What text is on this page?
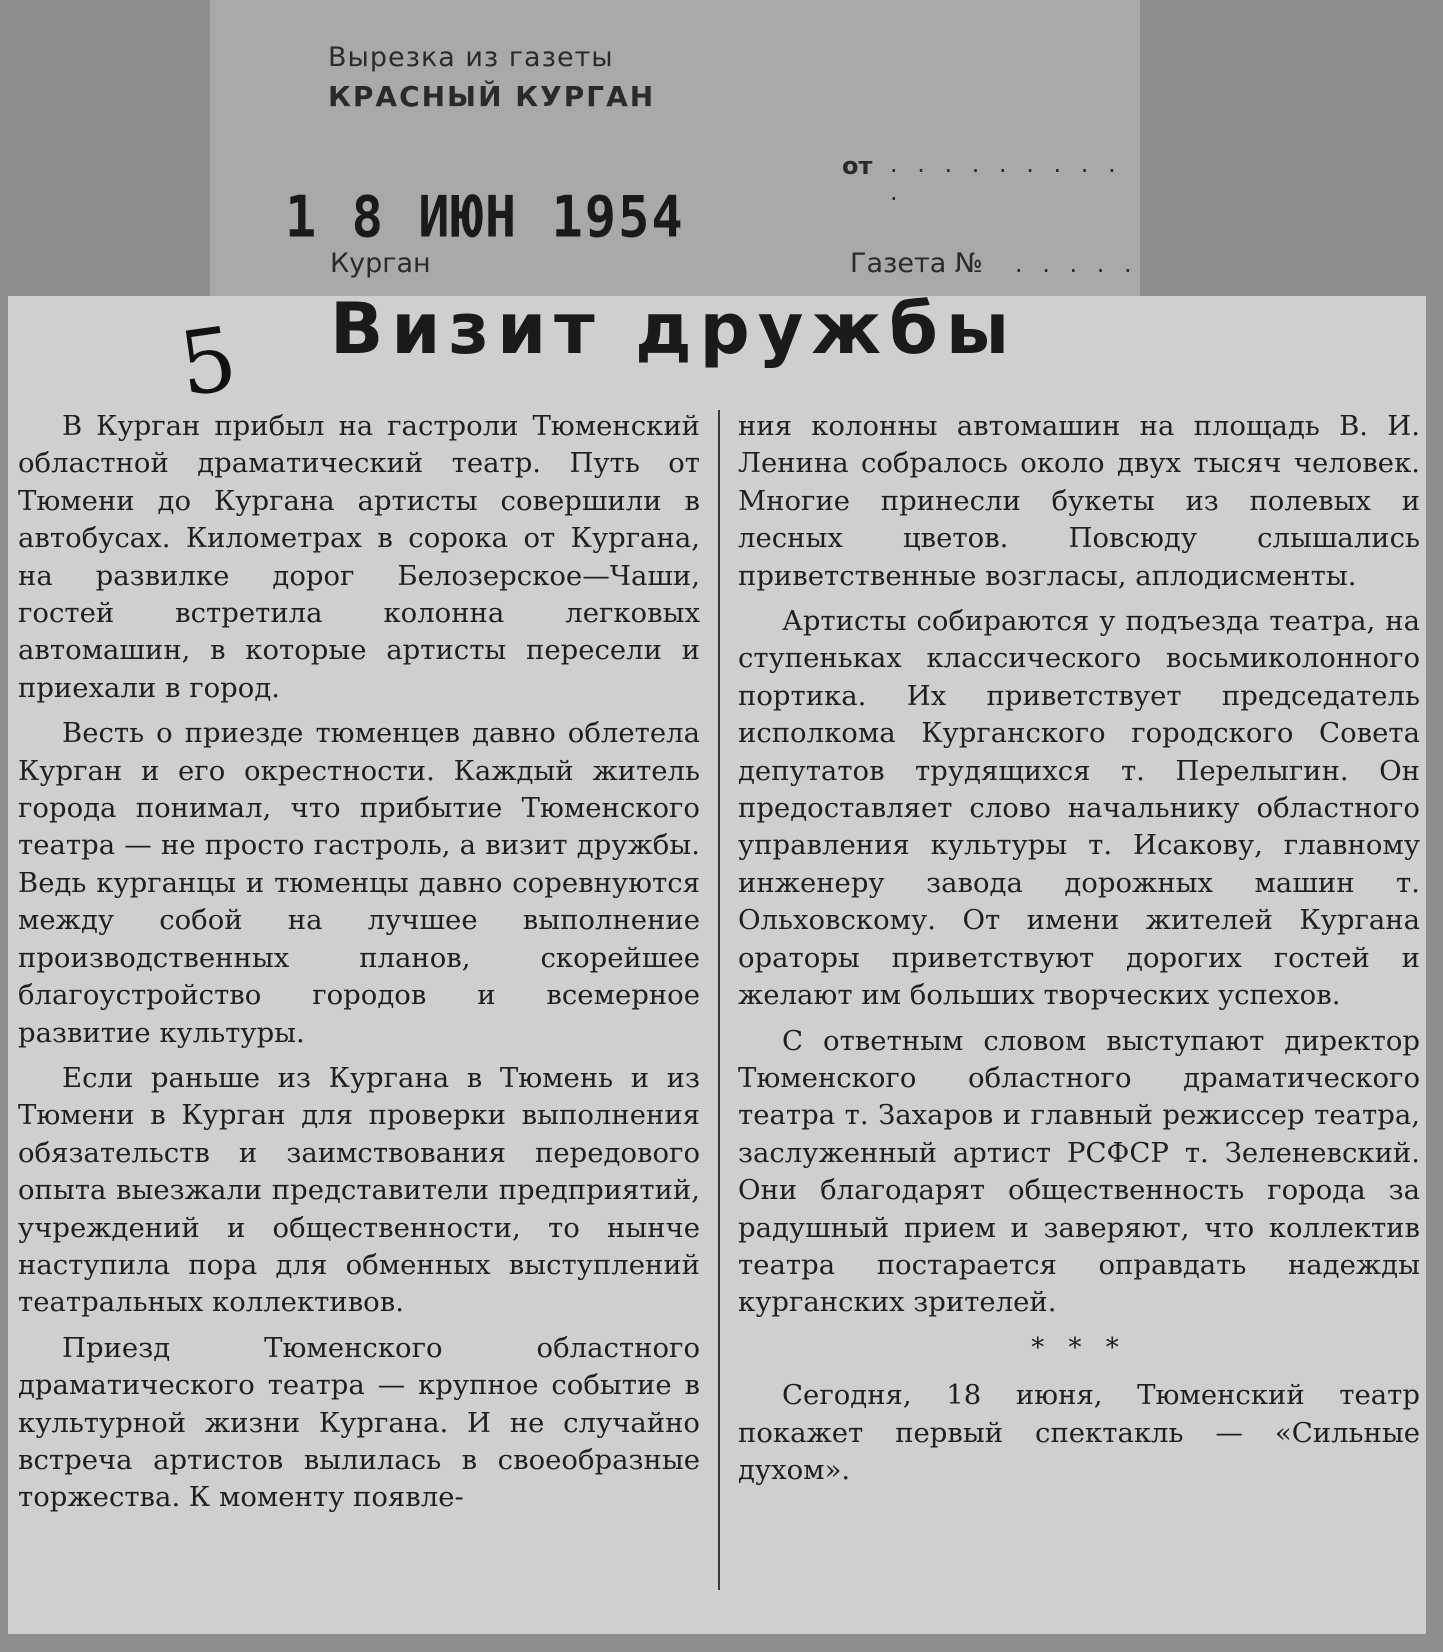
Вырезка из газеты
КРАСНЫЙ КУРГАН
от . . . . . . . . . .
Курган	Газета № . . . . .
1 8 ИЮН 1954
5 Визит дружбы

В Курган прибыл на гастроли Тюменский областной драматический театр. Путь от Тюмени до Кургана артисты совершили в автобусах. Километрах в сорока от Кургана, на развилке дорог Белозерское—Чаши, гостей встретила колонна легковых автомашин, в которые артисты пересели и приехали в город.

Весть о приезде тюменцев давно облетела Курган и его окрестности. Каждый житель города понимал, что прибытие Тюменского театра — не просто гастроль, а визит дружбы. Ведь курганцы и тюменцы давно соревнуются между собой на лучшее выполнение производственных планов, скорейшее благоустройство городов и всемерное развитие культуры.

Если раньше из Кургана в Тюмень и из Тюмени в Курган для проверки выполнения обязательств и заимствования передового опыта выезжали представители предприятий, учреждений и общественности, то нынче наступила пора для обменных выступлений театральных коллективов.

Приезд Тюменского областного драматического театра — крупное событие в культурной жизни Кургана. И не случайно встреча артистов вылилась в своеобразные торжества. К моменту появле-

ния колонны автомашин на площадь В. И. Ленина собралось около двух тысяч человек. Многие принесли букеты из полевых и лесных цветов. Повсюду слышались приветственные возгласы, аплодисменты.

Артисты собираются у подъезда театра, на ступеньках классического восьмиколонного портика. Их приветствует председатель исполкома Курганского городского Совета депутатов трудящихся т. Перелыгин. Он предоставляет слово начальнику областного управления культуры т. Исакову, главному инженеру завода дорожных машин т. Ольховскому. От имени жителей Кургана ораторы приветствуют дорогих гостей и желают им больших творческих успехов.

С ответным словом выступают директор Тюменского областного драматического театра т. Захаров и главный режиссер театра, заслуженный артист РСФСР т. Зеленевский. Они благодарят общественность города за радушный прием и заверяют, что коллектив театра постарается оправдать надежды курганских зрителей.

* * *

Сегодня, 18 июня, Тюменский театр покажет первый спектакль — «Сильные духом».
